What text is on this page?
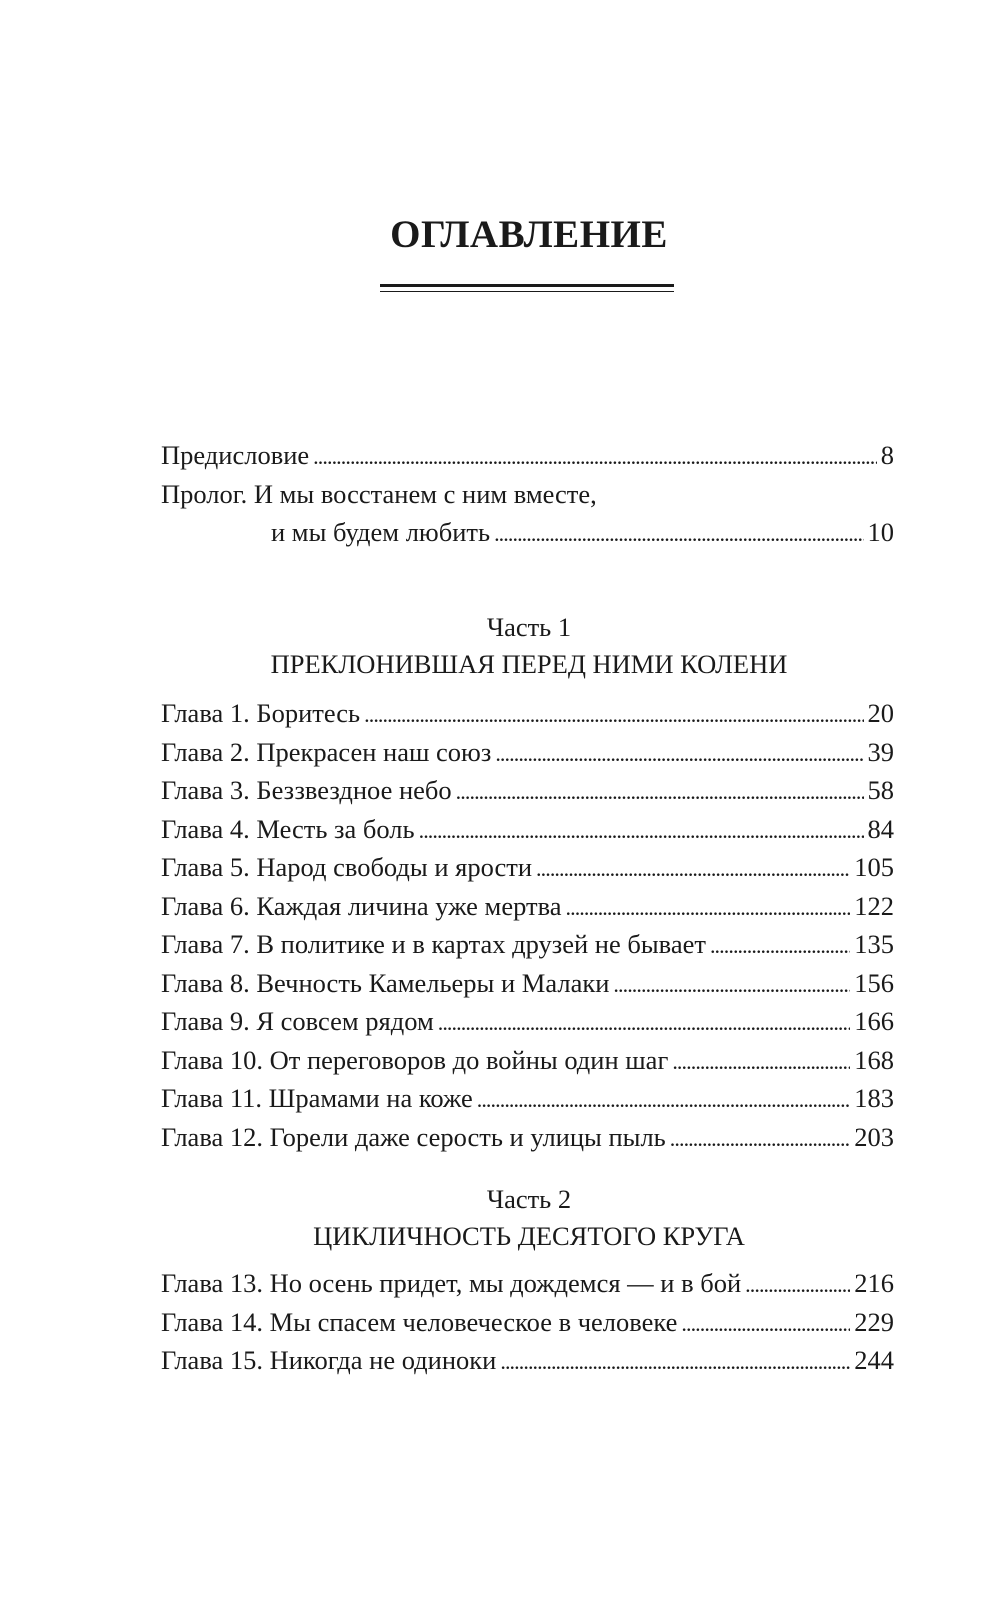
ОГЛАВЛЕНИЕ
Предисловие . . .	8
Пролог. И мы восстанем с ним вместе,
и мы будем любить . . .	10
Часть 1
ПРЕКЛОНИВШАЯ ПЕРЕД НИМИ КОЛЕНИ
Глава 1. Боритесь . . .	20
Глава 2. Прекрасен наш союз . . .	39
Глава 3. Беззвездное небо . . .	58
Глава 4. Месть за боль . . .	84
Глава 5. Народ свободы и ярости . . .	105
Глава 6. Каждая личина уже мертва . . .	122
Глава 7. В политике и в картах друзей не бывает . . .	135
Глава 8. Вечность Камельеры и Малаки . . .	156
Глава 9. Я совсем рядом . . .	166
Глава 10. От переговоров до войны один шаг . . .	168
Глава 11. Шрамами на коже . . .	183
Глава 12. Горели даже серость и улицы пыль . . .	203
Часть 2
ЦИКЛИЧНОСТЬ ДЕСЯТОГО КРУГА
Глава 13. Но осень придет, мы дождемся — и в бой . . .	216
Глава 14. Мы спасем человеческое в человеке . . .	229
Глава 15. Никогда не одиноки . . .	244
